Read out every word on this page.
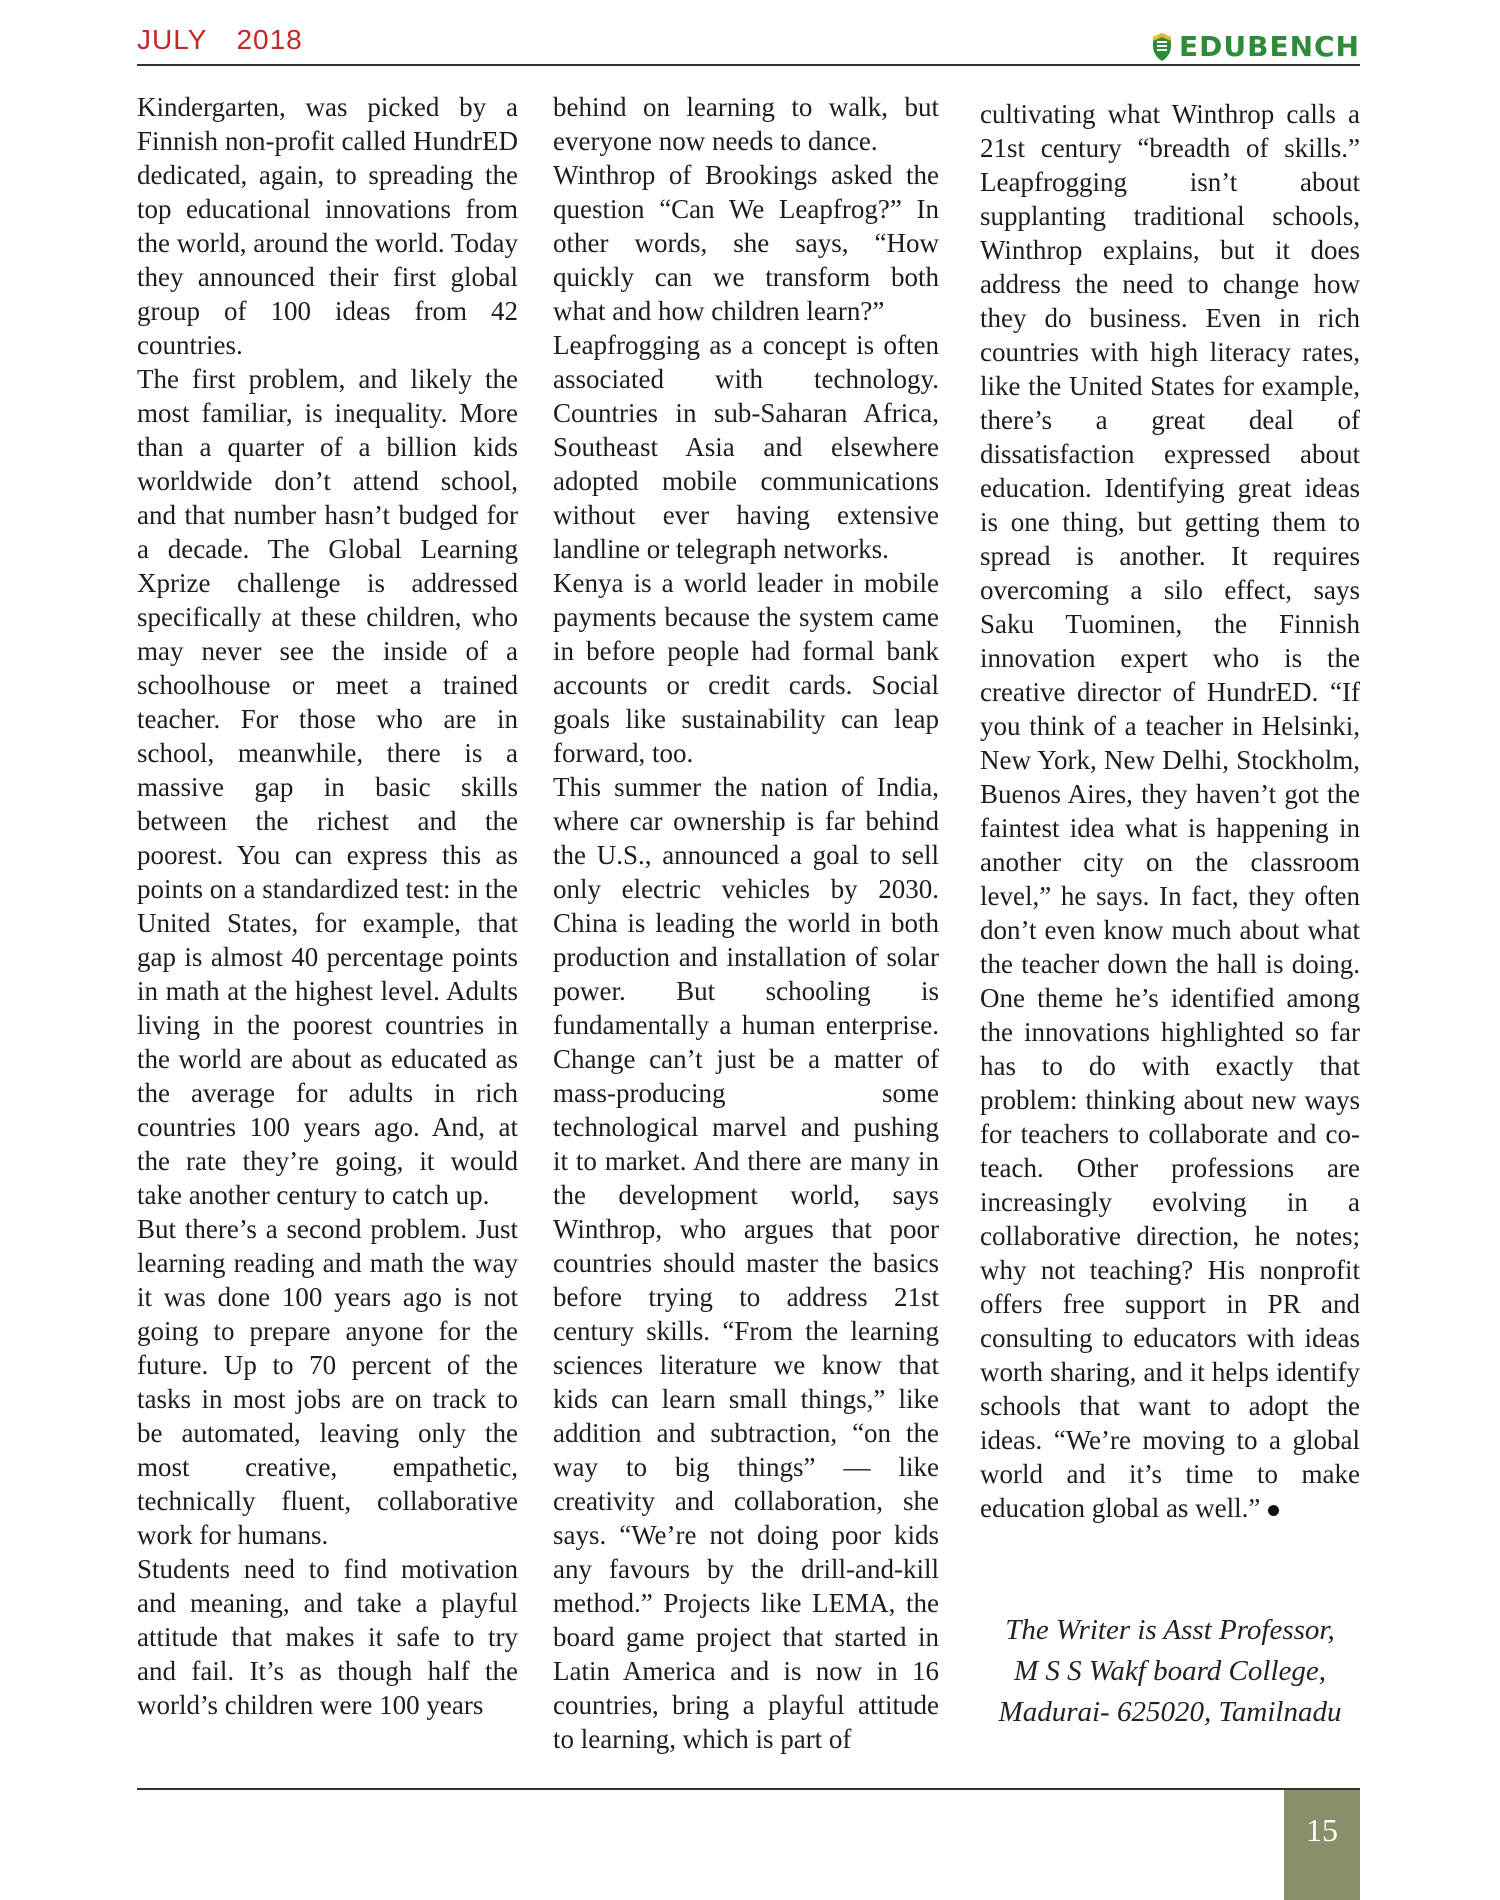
JULY  2018	EDUBENCH

Kindergarten, was picked by a Finnish non-profit called HundrED dedicated, again, to spreading the top educational innovations from the world, around the world. Today they announced their first global group of 100 ideas from 42 countries.

The first problem, and likely the most familiar, is inequality. More than a quarter of a billion kids worldwide don’t attend school, and that number hasn’t budged for a decade. The Global Learning Xprize challenge is addressed specifically at these children, who may never see the inside of a schoolhouse or meet a trained teacher. For those who are in school, meanwhile, there is a massive gap in basic skills between the richest and the poorest. You can express this as points on a standardized test: in the United States, for example, that gap is almost 40 percentage points in math at the highest level. Adults living in the poorest countries in the world are about as educated as the average for adults in rich countries 100 years ago. And, at the rate they’re going, it would take another century to catch up.

But there’s a second problem. Just learning reading and math the way it was done 100 years ago is not going to prepare anyone for the future. Up to 70 percent of the tasks in most jobs are on track to be automated, leaving only the most creative, empathetic, technically fluent, collaborative work for humans.

Students need to find motivation and meaning, and take a playful attitude that makes it safe to try and fail. It’s as though half the world’s children were 100 years

behind on learning to walk, but everyone now needs to dance.

Winthrop of Brookings asked the question “Can We Leapfrog?” In other words, she says, “How quickly can we transform both what and how children learn?”

Leapfrogging as a concept is often associated with technology. Countries in sub-Saharan Africa, Southeast Asia and elsewhere adopted mobile communications without ever having extensive landline or telegraph networks.

Kenya is a world leader in mobile payments because the system came in before people had formal bank accounts or credit cards. Social goals like sustainability can leap forward, too.

This summer the nation of India, where car ownership is far behind the U.S., announced a goal to sell only electric vehicles by 2030. China is leading the world in both production and installation of solar power. But schooling is fundamentally a human enterprise. Change can’t just be a matter of mass-producing some technological marvel and pushing it to market. And there are many in the development world, says Winthrop, who argues that poor countries should master the basics before trying to address 21st century skills. “From the learning sciences literature we know that kids can learn small things,” like addition and subtraction, “on the way to big things” — like creativity and collaboration, she says. “We’re not doing poor kids any favours by the drill-and-kill method.” Projects like LEMA, the board game project that started in Latin America and is now in 16 countries, bring a playful attitude to learning, which is part of

cultivating what Winthrop calls a 21st century “breadth of skills.” Leapfrogging isn’t about supplanting traditional schools, Winthrop explains, but it does address the need to change how they do business. Even in rich countries with high literacy rates, like the United States for example, there’s a great deal of dissatisfaction expressed about education. Identifying great ideas is one thing, but getting them to spread is another. It requires overcoming a silo effect, says Saku Tuominen, the Finnish innovation expert who is the creative director of HundrED. “If you think of a teacher in Helsinki, New York, New Delhi, Stockholm, Buenos Aires, they haven’t got the faintest idea what is happening in another city on the classroom level,” he says. In fact, they often don’t even know much about what the teacher down the hall is doing. One theme he’s identified among the innovations highlighted so far has to do with exactly that problem: thinking about new ways for teachers to collaborate and co-teach. Other professions are increasingly evolving in a collaborative direction, he notes; why not teaching? His nonprofit offers free support in PR and consulting to educators with ideas worth sharing, and it helps identify schools that want to adopt the ideas. “We’re moving to a global world and it’s time to make education global as well.”

The Writer is Asst Professor,
M S S Wakf board College,
Madurai- 625020, Tamilnadu
15
